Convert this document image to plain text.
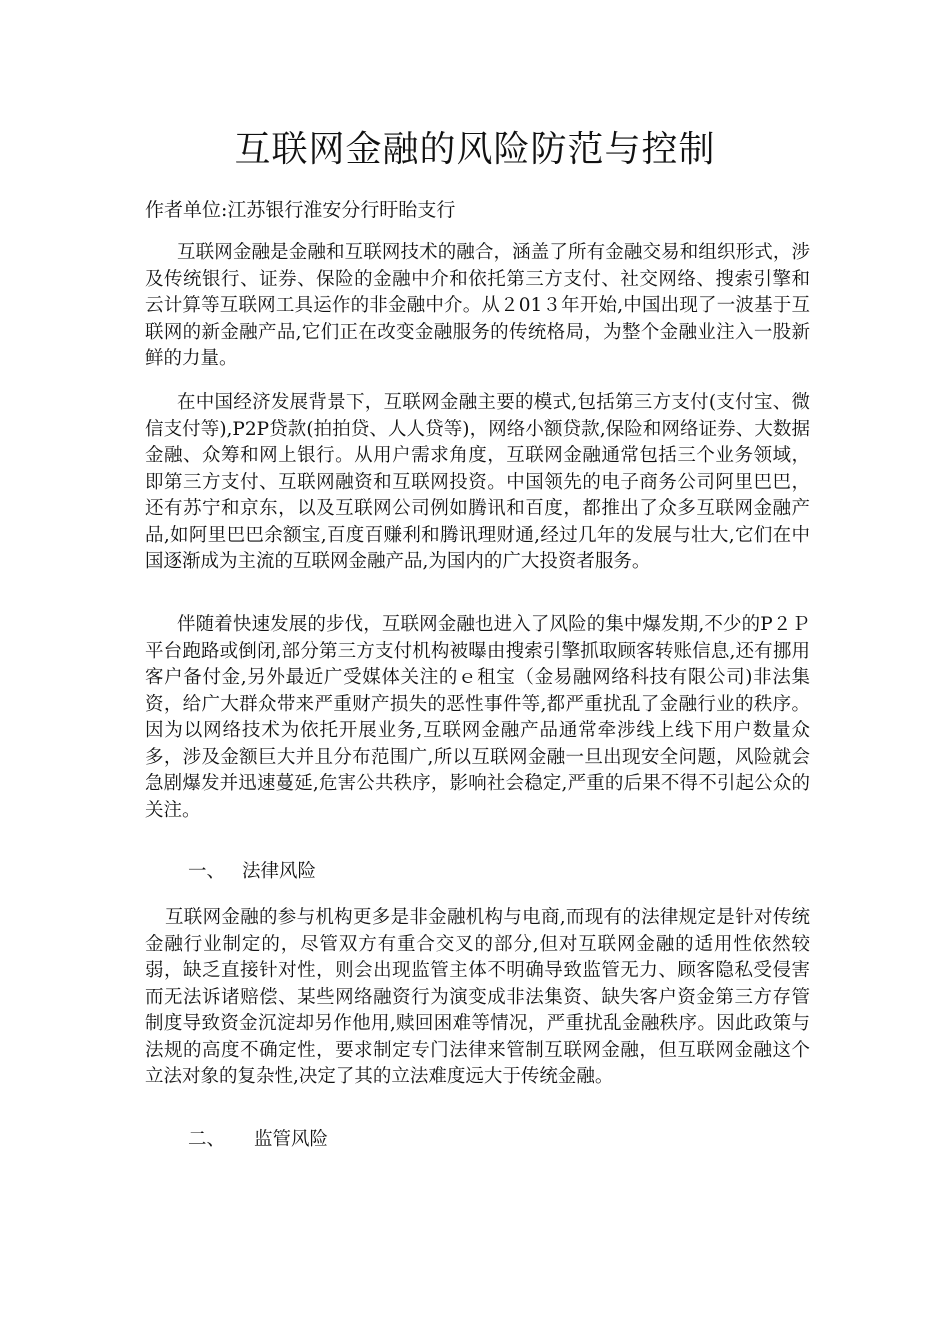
互联网金融的风险防范与控制

作者单位:江苏银行淮安分行盱眙支行

互联网金融是金融和互联网技术的融合，涵盖了所有金融交易和组织形式，涉及传统银行、证券、保险的金融中介和依托第三方支付、社交网络、搜索引擎和云计算等互联网工具运作的非金融中介。从２01３年开始,中国出现了一波基于互联网的新金融产品,它们正在改变金融服务的传统格局，为整个金融业注入一股新鲜的力量。

在中国经济发展背景下，互联网金融主要的模式,包括第三方支付(支付宝、微信支付等),P2P贷款(拍拍贷、人人贷等)，网络小额贷款,保险和网络证券、大数据金融、众筹和网上银行。从用户需求角度，互联网金融通常包括三个业务领域，即第三方支付、互联网融资和互联网投资。中国领先的电子商务公司阿里巴巴，还有苏宁和京东，以及互联网公司例如腾讯和百度，都推出了众多互联网金融产品,如阿里巴巴余额宝,百度百赚利和腾讯理财通,经过几年的发展与壮大,它们在中国逐渐成为主流的互联网金融产品,为国内的广大投资者服务。

伴随着快速发展的步伐，互联网金融也进入了风险的集中爆发期,不少的P２Ｐ平台跑路或倒闭,部分第三方支付机构被曝由搜索引擎抓取顾客转账信息,还有挪用客户备付金,另外最近广受媒体关注的ｅ租宝（金易融网络科技有限公司)非法集资，给广大群众带来严重财产损失的恶性事件等,都严重扰乱了金融行业的秩序。因为以网络技术为依托开展业务,互联网金融产品通常牵涉线上线下用户数量众多，涉及金额巨大并且分布范围广,所以互联网金融一旦出现安全问题，风险就会急剧爆发并迅速蔓延,危害公共秩序，影响社会稳定,严重的后果不得不引起公众的关注。

一、 法律风险

互联网金融的参与机构更多是非金融机构与电商,而现有的法律规定是针对传统金融行业制定的，尽管双方有重合交叉的部分,但对互联网金融的适用性依然较弱，缺乏直接针对性，则会出现监管主体不明确导致监管无力、顾客隐私受侵害而无法诉诸赔偿、某些网络融资行为演变成非法集资、缺失客户资金第三方存管制度导致资金沉淀却另作他用,赎回困难等情况，严重扰乱金融秩序。因此政策与法规的高度不确定性，要求制定专门法律来管制互联网金融，但互联网金融这个立法对象的复杂性,决定了其的立法难度远大于传统金融。

二、 监管风险
